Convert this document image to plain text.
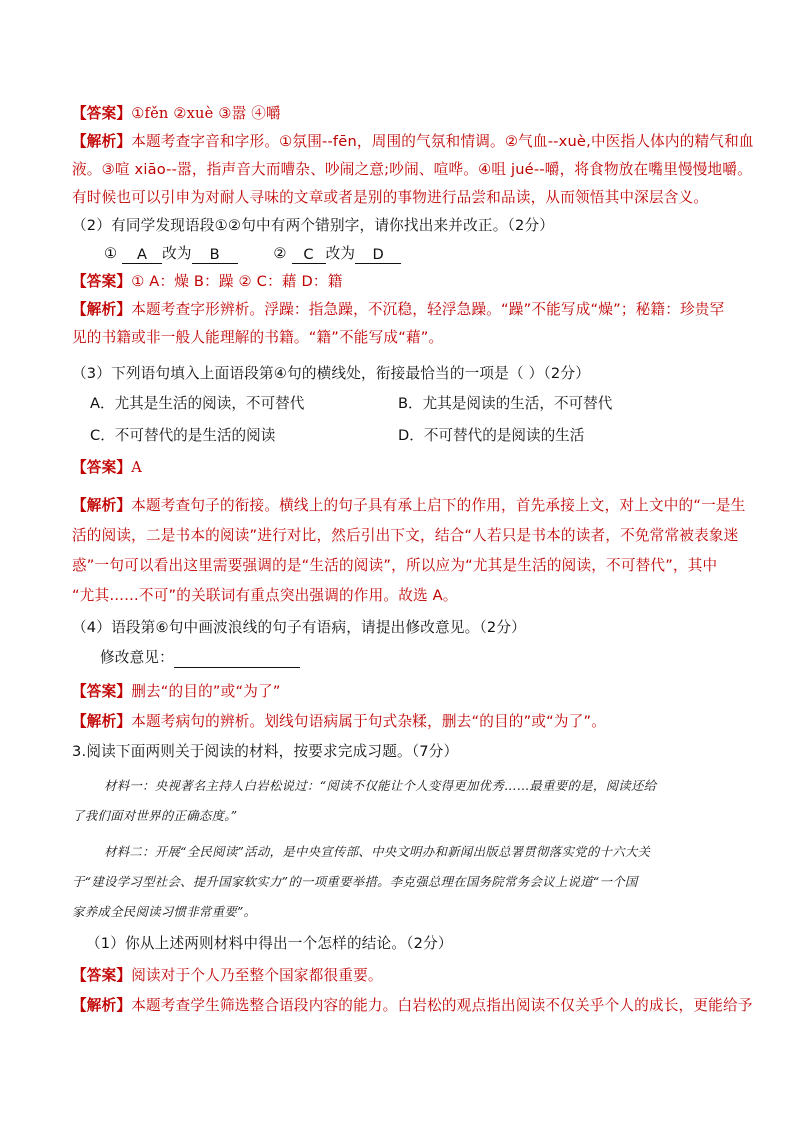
【答案】①fěn ②xuè ③嚣 ④嚼
【解析】本题考查字音和字形。①氛围--fēn，周围的气氛和情调。②气血--xuè,中医指人体内的精气和血
液。③喧 xiāo--嚣，指声音大而嘈杂、吵闹之意;吵闹、喧哗。④咀 jué--嚼，将食物放在嘴里慢慢地嚼。
有时候也可以引申为对耐人寻味的文章或者是别的事物进行品尝和品读，从而领悟其中深层含义。
（2）有同学发现语段①②句中有两个错别字，请你找出来并改正。（2分）
① A 改为 B	② C 改为 D
【答案】① A：燥 B：躁 ② C：藉 D：籍
【解析】本题考查字形辨析。浮躁：指急躁，不沉稳，轻浮急躁。“躁”不能写成“燥”；秘籍：珍贵罕
见的书籍或非一般人能理解的书籍。“籍”不能写成“藉”。
（3）下列语句填入上面语段第④句的横线处，衔接最恰当的一项是（ ）（2分）
A．尤其是生活的阅读，不可替代	B．尤其是阅读的生活，不可替代
C．不可替代的是生活的阅读	D．不可替代的是阅读的生活
【答案】A
【解析】本题考查句子的衔接。横线上的句子具有承上启下的作用，首先承接上文，对上文中的“一是生
活的阅读，二是书本的阅读”进行对比，然后引出下文，结合“人若只是书本的读者，不免常常被表象迷
惑”一句可以看出这里需要强调的是“生活的阅读”，所以应为“尤其是生活的阅读，不可替代”，其中
“尤其……不可”的关联词有重点突出强调的作用。故选 A。
（4）语段第⑥句中画波浪线的句子有语病，请提出修改意见。（2分）
修改意见：
【答案】删去“的目的”或“为了”
【解析】本题考病句的辨析。划线句语病属于句式杂糅，删去“的目的”或“为了”。
3.阅读下面两则关于阅读的材料，按要求完成习题。（7分）
材料一：央视著名主持人白岩松说过：“阅读不仅能让个人变得更加优秀……最重要的是，阅读还给
了我们面对世界的正确态度。”
材料二：开展“全民阅读”活动，是中央宣传部、中央文明办和新闻出版总署贯彻落实党的十六大关
于“建设学习型社会、提升国家软实力”的一项重要举措。李克强总理在国务院常务会议上说道“一个国
家养成全民阅读习惯非常重要”。
（1）你从上述两则材料中得出一个怎样的结论。（2分）
【答案】阅读对于个人乃至整个国家都很重要。
【解析】本题考查学生筛选整合语段内容的能力。白岩松的观点指出阅读不仅关乎个人的成长，更能给予
